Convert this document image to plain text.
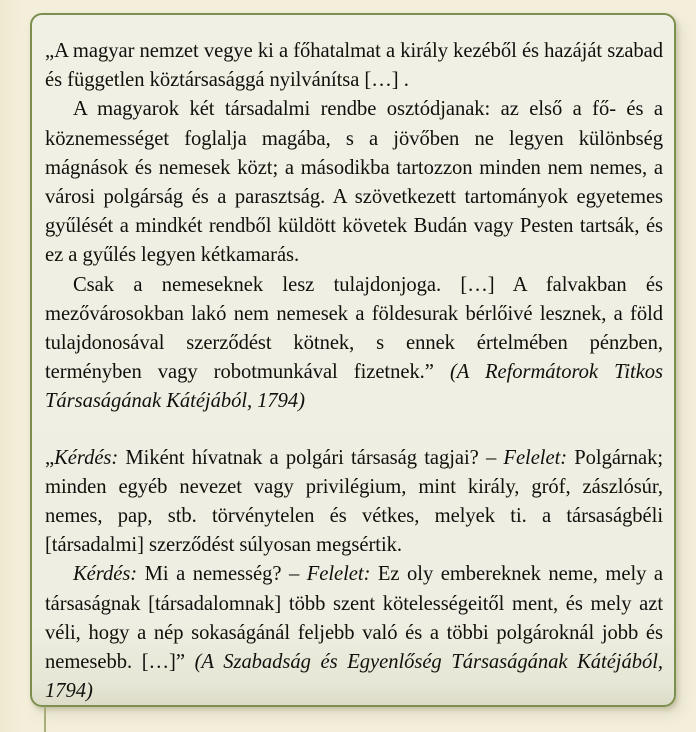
„A magyar nemzet vegye ki a főhatalmat a király kezéből és hazáját szabad és független köztársasággá nyilvánítsa […] .

A magyarok két társadalmi rendbe osztódjanak: az első a fő- és a köznemességet foglalja magába, s a jövőben ne legyen különbség mágnások és nemesek közt; a másodikba tartozzon minden nem nemes, a városi polgárság és a parasztság. A szövetkezett tartományok egyetemes gyűlését a mindkét rendből küldött követek Budán vagy Pesten tartsák, és ez a gyűlés legyen kétkamarás.

Csak a nemeseknek lesz tulajdonjoga. […] A falvakban és mezővárosokban lakó nem nemesek a földesurak bérlőivé lesznek, a föld tulajdonosával szerződést kötnek, s ennek értelmében pénzben, terményben vagy robotmunkával fizetnek.” (A Reformátorok Titkos Társaságának Kátéjából, 1794)

„Kérdés: Miként hívatnak a polgári társaság tagjai? – Felelet: Polgárnak; minden egyéb nevezet vagy privilégium, mint király, gróf, zászlósúr, nemes, pap, stb. törvénytelen és vétkes, melyek ti. a társaságbéli [társadalmi] szerződést súlyosan megsértik.

Kérdés: Mi a nemesség? – Felelet: Ez oly embereknek neme, mely a társaságnak [társadalomnak] több szent kötelességeitől ment, és mely azt véli, hogy a nép sokaságánál feljebb való és a többi polgároknál jobb és nemesebb. […]” (A Szabadság és Egyenlőség Társaságának Kátéjából, 1794)
